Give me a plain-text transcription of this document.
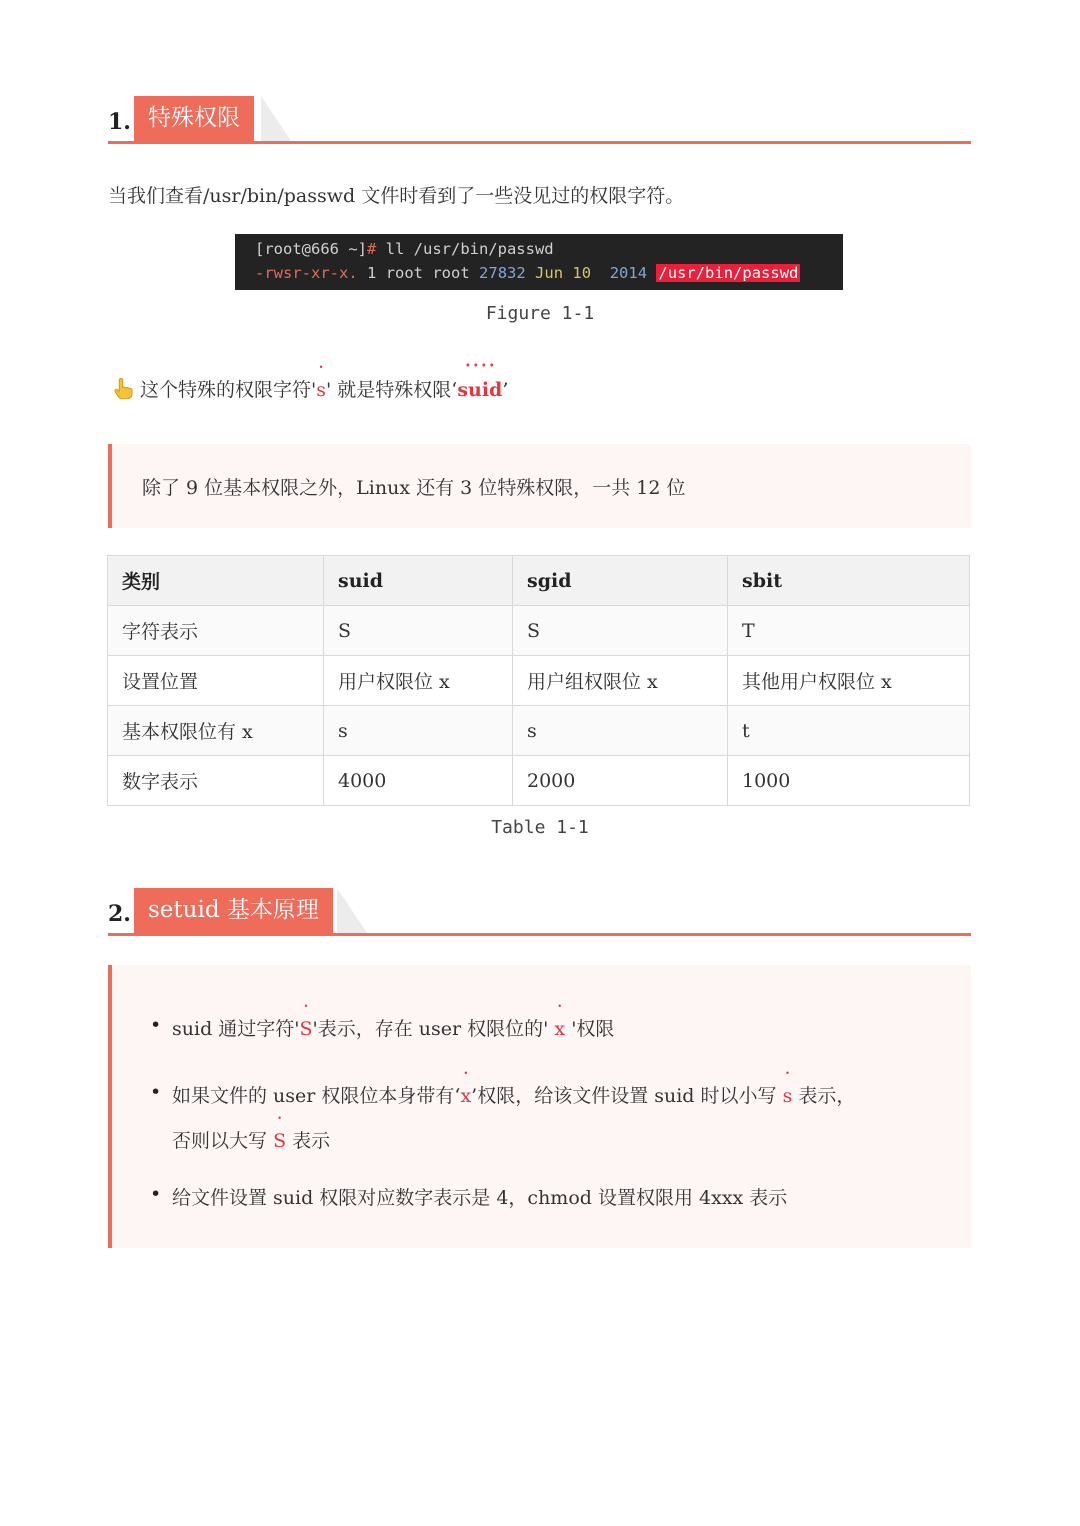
1. 特殊权限
当我们查看/usr/bin/passwd 文件时看到了一些没见过的权限字符。
[root@666 ~]# ll /usr/bin/passwd
-rwsr-xr-x. 1 root root 27832 Jun 10 2014 /usr/bin/passwd
Figure 1-1
这个特殊的权限字符'• s' 就是特殊权限‘• • • • suid’
除了 9 位基本权限之外，Linux 还有 3 位特殊权限，一共 12 位
类别	suid	sgid	sbit
字符表示	S	S	T
设置位置	用户权限位 x	用户组权限位 x	其他用户权限位 x
基本权限位有 x	s	s	t
数字表示	4000	2000	1000
Table 1-1
2. setuid 基本原理
• suid 通过字符'• S'表示，存在 user 权限位的' • x '权限
• 如果文件的 user 权限位本身带有‘• x’权限，给该文件设置 suid 时以小写 • s 表示，
否则以大写 • S 表示
• 给文件设置 suid 权限对应数字表示是 4，chmod 设置权限用 4xxx 表示
